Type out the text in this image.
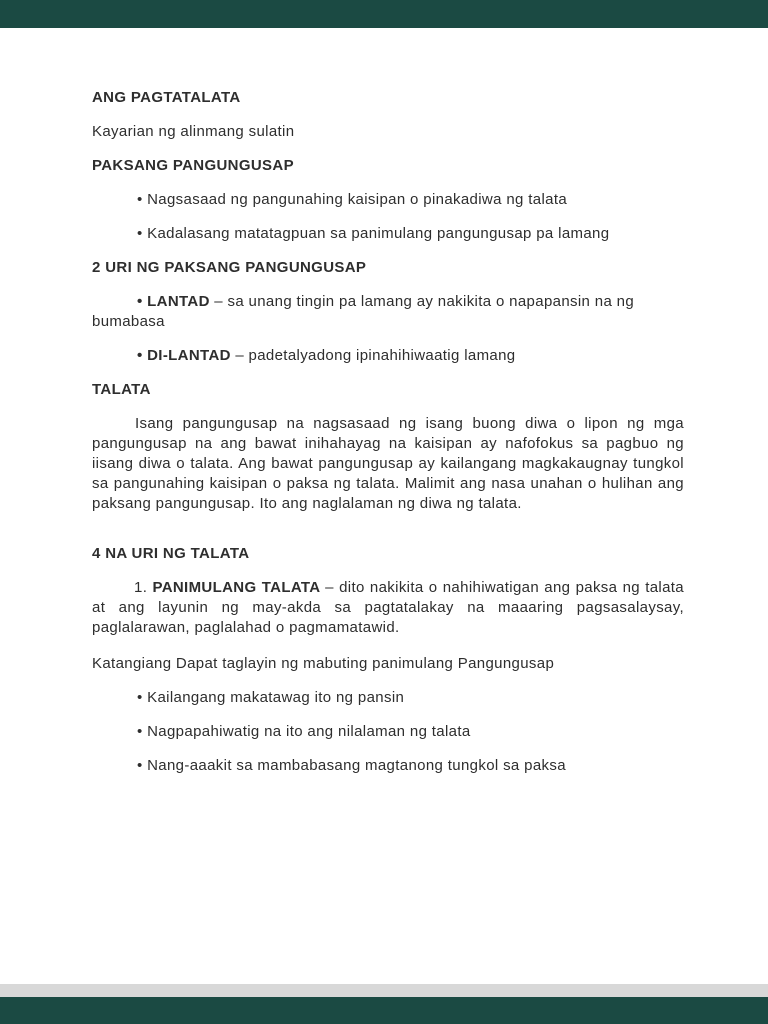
ANG PAGTATALATA

Kayarian ng alinmang sulatin

PAKSANG PANGUNGUSAP

• Nagsasaad ng pangunahing kaisipan o pinakadiwa ng talata

• Kadalasang matatagpuan sa panimulang pangungusap pa lamang

2 URI NG PAKSANG PANGUNGUSAP

• LANTAD – sa unang tingin pa lamang ay nakikita o napapansin na ng bumabasa

• DI-LANTAD – padetalyadong ipinahihiwaatig lamang

TALATA

Isang pangungusap na nagsasaad ng isang buong diwa o lipon ng mga pangungusap na ang bawat inihahayag na kaisipan ay nafofokus sa pagbuo ng iisang diwa o talata. Ang bawat pangungusap ay kailangang magkakaugnay tungkol sa pangunahing kaisipan o paksa ng talata. Malimit ang nasa unahan o hulihan ang paksang pangungusap. Ito ang naglalaman ng diwa ng talata.

4 NA URI NG TALATA

1. PANIMULANG TALATA – dito nakikita o nahihiwatigan ang paksa ng talata at ang layunin ng may-akda sa pagtatalakay na maaaring pagsasalaysay, paglalarawan, paglalahad o pagmamatawid.

Katangiang Dapat taglayin ng mabuting panimulang Pangungusap

• Kailangang makatawag ito ng pansin

• Nagpapahiwatig na ito ang nilalaman ng talata

• Nang-aaakit sa mambabasang magtanong tungkol sa paksa
